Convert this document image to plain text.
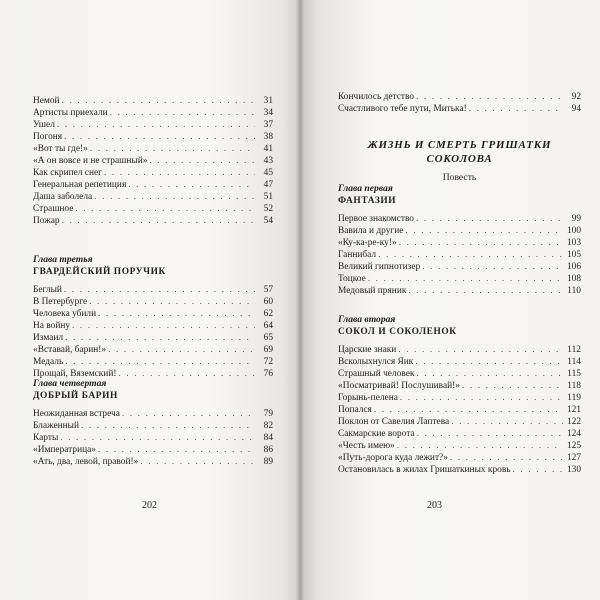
Немой . . .	31
Артисты приехали . . .	34
Ушел . . .	37
Погоня . . .	38
«Вот ты где!» . . .	41
«А он вовсе и не страшный» . . .	43
Как скрипел снег . . .	45
Генеральная репетиция . . .	47
Даша заболела . . .	51
Страшное . . .	52
Пожар . . .	54
Глава третья
ГВАРДЕЙСКИЙ ПОРУЧИК
Беглый . . .	57
В Петербурге . . .	60
Человека убили . . .	62
На войну . . .	64
Измаил . . .	65
«Вставай, барин!» . . .	69
Медаль . . .	72
Прощай, Вяземский! . . .	76
Глава четвертая
ДОБРЫЙ БАРИН
Неожиданная встреча . . .	79
Блаженный . . .	82
Карты . . .	84
«Императрица» . . .	86
«Ать, два, левой, правой!» . . .	89
202
Кончилось детство . . .	92
Счастливого тебе пути, Митька! . . .	94
ЖИЗНЬ И СМЕРТЬ ГРИШАТКИ СОКОЛОВА
Повесть
Глава первая
ФАНТАЗИИ
Первое знакомство . . .	99
Вавила и другие . . .	100
«Ку-ка-ре-ку!» . . .	103
Ганнибал . . .	105
Великий гипнотизер . . .	106
Тоцкое . . .	108
Медовый пряник . . .	110
Глава вторая
СОКОЛ И СОКОЛЕНОК
Царские знаки . . .	112
Всколыхнулся Яик . . .	114
Страшный человек . . .	115
«Посматривай! Послушивай!» . . .	118
Горынь-пелена . . .	119
Попался . . .	121
Поклон от Савелия Лаптева . . .	122
Сакмарские ворота . . .	124
«Честь имею» . . .	125
«Путь-дорога куда лежит?» . . .	127
Остановилась в жилах Гришаткиных кровь . . .	130
203
